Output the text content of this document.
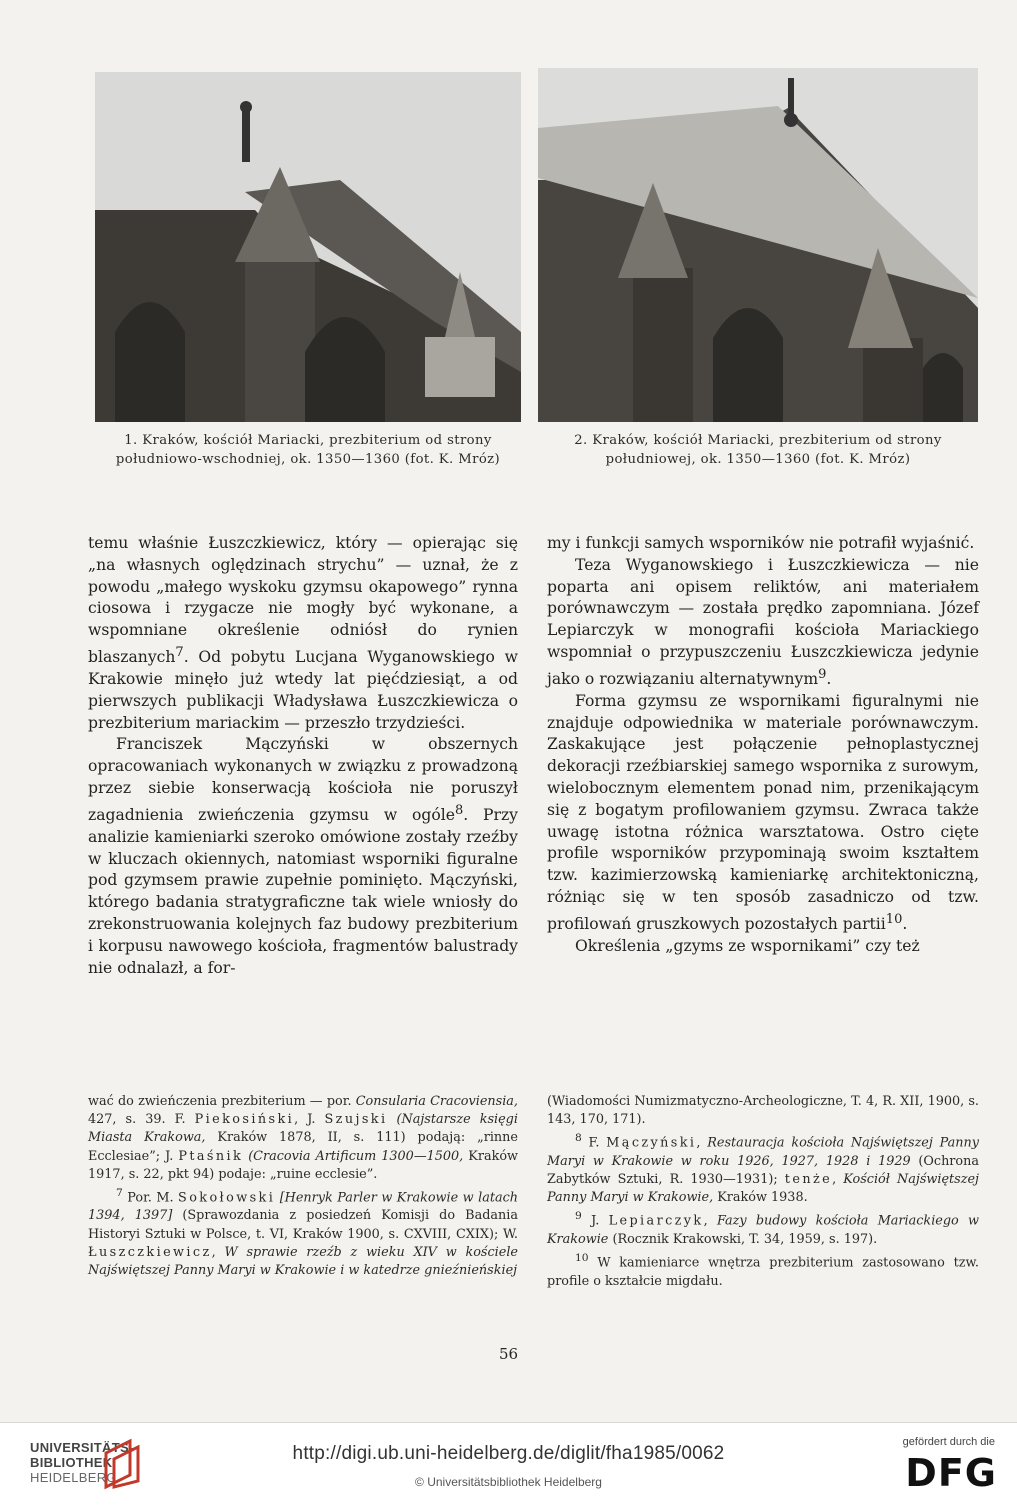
1. Kraków, kościół Mariacki, prezbiterium od strony
południowo-wschodniej, ok. 1350—1360 (fot. K. Mróz)
2. Kraków, kościół Mariacki, prezbiterium od strony
południowej, ok. 1350—1360 (fot. K. Mróz)

temu właśnie Łuszczkiewicz, który — opierając się „na własnych oględzinach strychu” — uznał, że z powodu „małego wyskoku gzymsu okapowego” rynna ciosowa i rzygacze nie mogły być wykonane, a wspomniane określenie odniósł do rynien blaszanych$^7$. Od pobytu Lucjana Wyganowskiego w Krakowie minęło już wtedy lat pięćdziesiąt, a od pierwszych publikacji Władysława Łuszczkiewicza o prezbiterium mariackim — przeszło trzydzieści.

Franciszek Mączyński w obszernych opracowaniach wykonanych w związku z prowadzoną przez siebie konserwacją kościoła nie poruszył zagadnienia zwieńczenia gzymsu w ogóle$^8$. Przy analizie kamieniarki szeroko omówione zostały rzeźby w kluczach okiennych, natomiast wsporniki figuralne pod gzymsem prawie zupełnie pominięto. Mączyński, którego badania stratygraficzne tak wiele wniosły do zrekonstruowania kolejnych faz budowy prezbiterium i korpusu nawowego kościoła, fragmentów balustrady nie odnalazł, a for-

my i funkcji samych wsporników nie potrafił wyjaśnić.

Teza Wyganowskiego i Łuszczkiewicza — nie poparta ani opisem reliktów, ani materiałem porównawczym — została prędko zapomniana. Józef Lepiarczyk w monografii kościoła Mariackiego wspomniał o przypuszczeniu Łuszczkiewicza jedynie jako o rozwiązaniu alternatywnym$^9$.

Forma gzymsu ze wspornikami figuralnymi nie znajduje odpowiednika w materiale porównawczym. Zaskakujące jest połączenie pełnoplastycznej dekoracji rzeźbiarskiej samego wspornika z surowym, wielobocznym elementem ponad nim, przenikającym się z bogatym profilowaniem gzymsu. Zwraca także uwagę istotna różnica warsztatowa. Ostro cięte profile wsporników przypominają swoim kształtem tzw. kazimierzowską kamieniarkę architektoniczną, różniąc się w ten sposób zasadniczo od tzw. profilowań gruszkowych pozostałych partii$^{10}$.

Określenia „gzyms ze wspornikami” czy też

wać do zwieńczenia prezbiterium — por. Consularia Cracoviensia, 427, s. 39. F. Piekosiński, J. Szujski (Najstarsze księgi Miasta Krakowa, Kraków 1878, II, s. 111) podają: „rinne Ecclesiae”; J. Ptaśnik (Cracovia Artificum 1300—1500, Kraków 1917, s. 22, pkt 94) podaje: „ruine ecclesie”.

$^7$ Por. M. Sokołowski [Henryk Parler w Krakowie w latach 1394, 1397] (Sprawozdania z posiedzeń Komisji do Badania Historyi Sztuki w Polsce, t. VI, Kraków 1900, s. CXVIII, CXIX); W. Łuszczkiewicz, W sprawie rzeźb z wieku XIV w kościele Najświętszej Panny Maryi w Krakowie i w katedrze gnieźnieńskiej

(Wiadomości Numizmatyczno-Archeologiczne, T. 4, R. XII, 1900, s. 143, 170, 171).

$^8$ F. Mączyński, Restauracja kościoła Najświętszej Panny Maryi w Krakowie w roku 1926, 1927, 1928 i 1929 (Ochrona Zabytków Sztuki, R. 1930—1931); tenże, Kościół Najświętszej Panny Maryi w Krakowie, Kraków 1938.

$^9$ J. Lepiarczyk, Fazy budowy kościoła Mariackiego w Krakowie (Rocznik Krakowski, T. 34, 1959, s. 197).

$^{10}$ W kamieniarce wnętrza prezbiterium zastosowano tzw. profile o kształcie migdału.

56
UNIVERSITÄTS-
BIBLIOTHEK
HEIDELBERG
http://digi.ub.uni-heidelberg.de/diglit/fha1985/0062
© Universitätsbibliothek Heidelberg
gefördert durch die
DFG
